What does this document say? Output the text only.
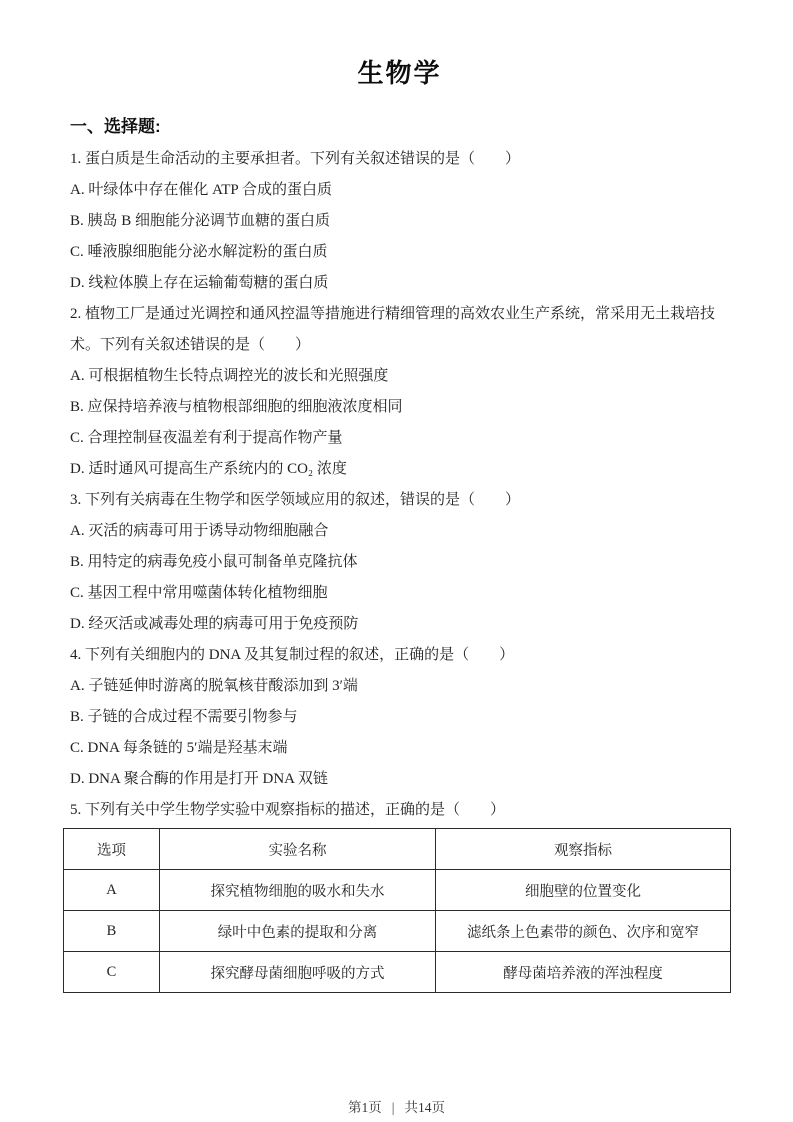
生物学
一、选择题:

1. 蛋白质是生命活动的主要承担者。下列有关叙述错误的是（　　）

A. 叶绿体中存在催化 ATP 合成的蛋白质

B. 胰岛 B 细胞能分泌调节血糖的蛋白质

C. 唾液腺细胞能分泌水解淀粉的蛋白质

D. 线粒体膜上存在运输葡萄糖的蛋白质

2. 植物工厂是通过光调控和通风控温等措施进行精细管理的高效农业生产系统，常采用无土栽培技术。下列有关叙述错误的是（　　）

A. 可根据植物生长特点调控光的波长和光照强度

B. 应保持培养液与植物根部细胞的细胞液浓度相同

C. 合理控制昼夜温差有利于提高作物产量

D. 适时通风可提高生产系统内的 CO₂ 浓度

3. 下列有关病毒在生物学和医学领域应用的叙述，错误的是（　　）

A. 灭活的病毒可用于诱导动物细胞融合

B. 用特定的病毒免疫小鼠可制备单克隆抗体

C. 基因工程中常用噬菌体转化植物细胞

D. 经灭活或减毒处理的病毒可用于免疫预防

4. 下列有关细胞内的 DNA 及其复制过程的叙述，正确的是（　　）

A. 子链延伸时游离的脱氧核苷酸添加到 3′端

B. 子链的合成过程不需要引物参与

C. DNA 每条链的 5′端是羟基末端

D. DNA 聚合酶的作用是打开 DNA 双链

5. 下列有关中学生物学实验中观察指标的描述，正确的是（　　）

选项	实验名称	观察指标
A	探究植物细胞的吸水和失水	细胞壁的位置变化
B	绿叶中色素的提取和分离	滤纸条上色素带的颜色、次序和宽窄
C	探究酵母菌细胞呼吸的方式	酵母菌培养液的浑浊程度
第1页 | 共14页
